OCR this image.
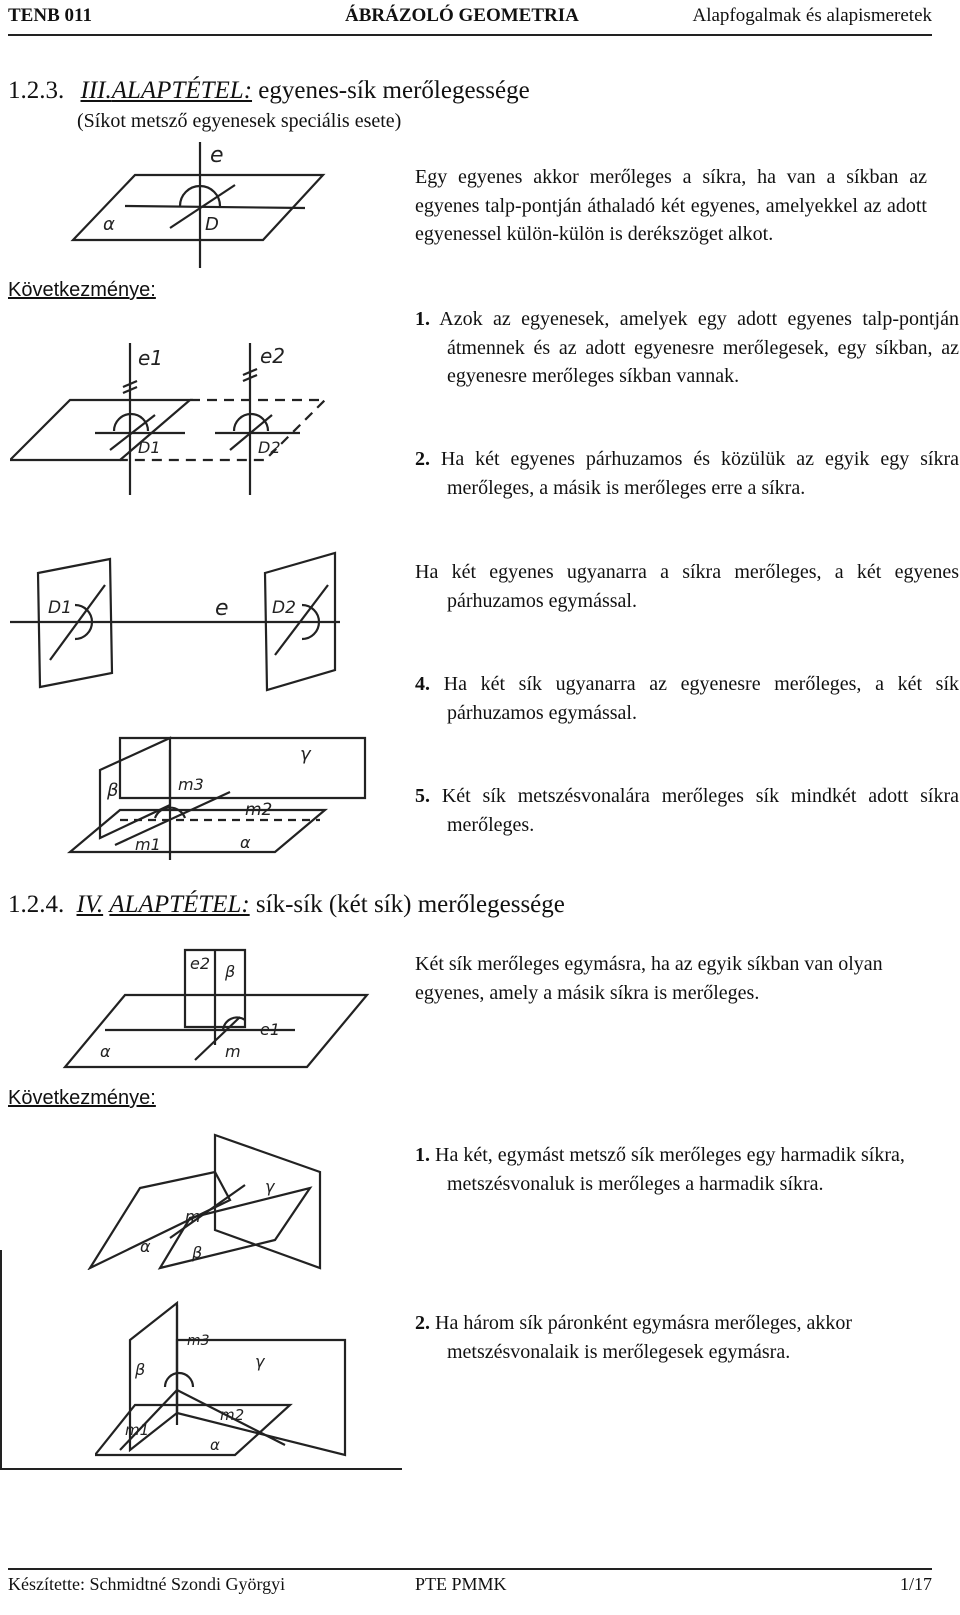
TENB 011	ÁBRÁZOLÓ GEOMETRIA	Alapfogalmak és alapismeretek
1.2.3. III.ALAPTÉTEL: egyenes-sík merőlegessége
(Síkot metsző egyenesek speciális esete)
e
α	D
Egy egyenes akkor merőleges a síkra, ha van a síkban az egyenes talp-pontján áthaladó két egyenes, amelyekkel az adott egyenessel külön-külön is derékszöget alkot.
Következménye:
e1	e2
D1	D2
1. Azok az egyenesek, amelyek egy adott egyenes talp-pontján átmennek és az adott egyenesre merőlegesek, egy síkban, az egyenesre merőleges síkban vannak.
2. Ha két egyenes párhuzamos és közülük az egyik egy síkra merőleges, a másik is merőleges erre a síkra.
D1	e	D2
Ha két egyenes ugyanarra a síkra merőleges, a két egyenes párhuzamos egymással.
4. Ha két sík ugyanarra az egyenesre merőleges, a két sík párhuzamos egymással.
γ
β	m3
m2
m1	α
5. Két sík metszésvonalára merőleges sík mindkét adott síkra merőleges.
1.2.4. IV. ALAPTÉTEL: sík-sík (két sík) merőlegessége
e2 β
e1
α	m
Két sík merőleges egymásra, ha az egyik síkban van olyan egyenes, amely a másik síkra is merőleges.
Következménye:
γ
m
α	β
1. Ha két, egymást metsző sík merőleges egy harmadik síkra, metszésvonaluk is merőleges a harmadik síkra.
β
m3
γ
m1
m2
α
2. Ha három sík páronként egymásra merőleges, akkor metszésvonalaik is merőlegesek egymásra.
Készítette: Schmidtné Szondi Györgyi	PTE PMMK	1/17
